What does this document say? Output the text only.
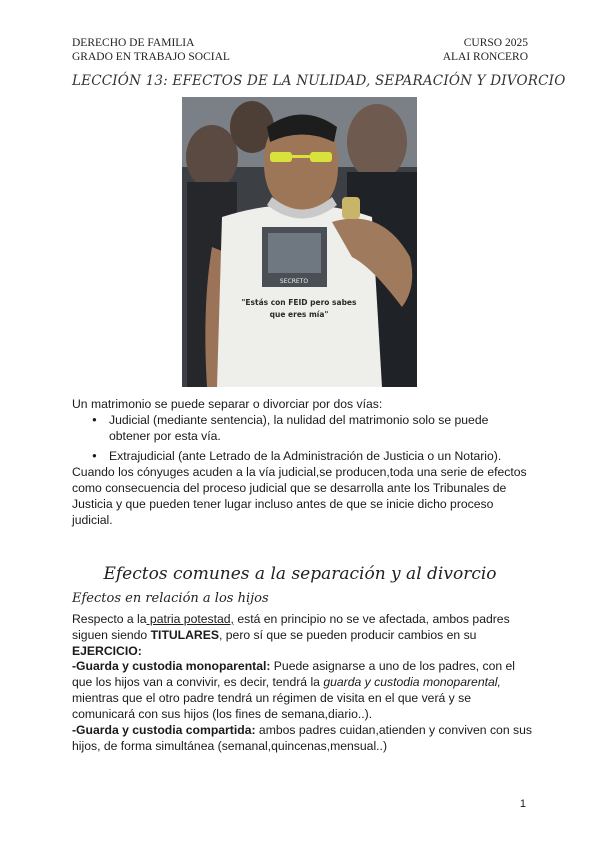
DERECHO DE FAMILIA
GRADO EN TRABAJO SOCIAL
CURSO 2025
ALAI RONCERO
LECCIÓN 13: EFECTOS DE LA NULIDAD, SEPARACIÓN Y DIVORCIO
SECRETO
"Estás con FEID pero sabes
que eres mía"
Un matrimonio se puede separar o divorciar por dos vías:
● Judicial (mediante sentencia), la nulidad del matrimonio solo se puede obtener por esta vía.
● Extrajudicial (ante Letrado de la Administración de Justicia o un Notario).
Cuando los cónyuges acuden a la vía judicial,se producen,toda una serie de efectos como consecuencia del proceso judicial que se desarrolla ante los Tribunales de Justicia y que pueden tener lugar incluso antes de que se inicie dicho proceso judicial.
Efectos comunes a la separación y al divorcio
Efectos en relación a los hijos
Respecto a la patria potestad, está en principio no se ve afectada, ambos padres siguen siendo TITULARES, pero sí que se pueden producir cambios en su EJERCICIO:
-Guarda y custodia monoparental: Puede asignarse a uno de los padres, con el que los hijos van a convivir, es decir, tendrá la guarda y custodia monoparental, mientras que el otro padre tendrá un régimen de visita en el que verá y se comunicará con sus hijos (los fines de semana,diario..).
-Guarda y custodia compartida: ambos padres cuidan,atienden y conviven con sus hijos, de forma simultánea (semanal,quincenas,mensual..)
1
